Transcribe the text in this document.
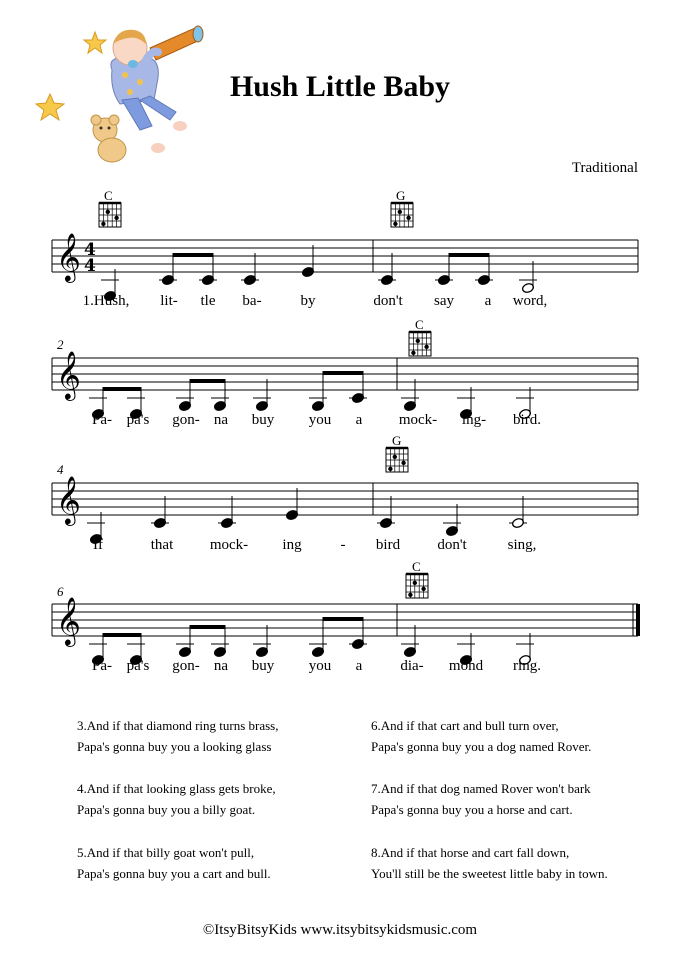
Hush Little Baby
Traditional
𝄞 4
4
𝄞
𝄞
𝄞
C	G
C
G
C
2
4
6
1.Hush, lit- tle ba-	by	don't say a word,
Pa- pa's gon- na buy you a mock- ing- bird.
If	that mock- ing	- bird don't	sing,
Pa- pa's gon- na buy you a	dia- mond ring.
3.And if that diamond ring turns brass,
Papa's gonna buy you a looking glass
4.And if that looking glass gets broke,
Papa's gonna buy you a billy goat.
5.And if that billy goat won't pull,
Papa's gonna buy you a cart and bull.
6.And if that cart and bull turn over,
Papa's gonna buy you a dog named Rover.
7.And if that dog named Rover won't bark
Papa's gonna buy you a horse and cart.
8.And if that horse and cart fall down,
You'll still be the sweetest little baby in town.
©ItsyBitsyKids www.itsybitsykidsmusic.com
